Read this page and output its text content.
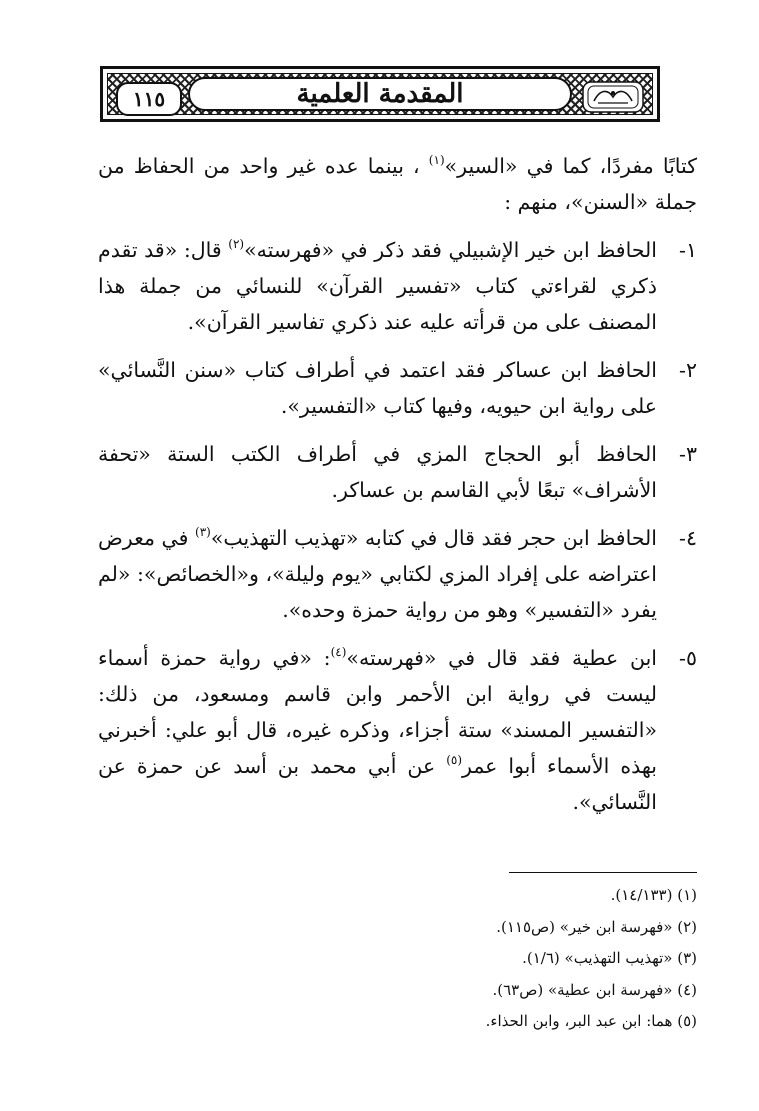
المقدمة العلمية
١١٥

كتابًا مفردًا، كما في «السير»$^{(١)}$ ، بينما عده غير واحد من الحفاظ من جملة «السنن»، منهم :

١-
الحافظ ابن خير الإشبيلي فقد ذكر في «فهرسته»$^{(٢)}$ قال: «قد تقدم ذكري لقراءتي كتاب «تفسير القرآن» للنسائي من جملة هذا المصنف على من قرأته عليه عند ذكري تفاسير القرآن».
٢-
الحافظ ابن عساكر فقد اعتمد في أطراف كتاب «سنن النَّسائي» على رواية ابن حيويه، وفيها كتاب «التفسير».
٣-
الحافظ أبو الحجاج المزي في أطراف الكتب الستة «تحفة الأشراف» تبعًا لأبي القاسم بن عساكر.
٤-
الحافظ ابن حجر فقد قال في كتابه «تهذيب التهذيب»$^{(٣)}$ في معرض اعتراضه على إفراد المزي لكتابي «يوم وليلة»، و«الخصائص»: «لم يفرد «التفسير» وهو من رواية حمزة وحده».
٥-
ابن عطية فقد قال في «فهرسته»$^{(٤)}$: «في رواية حمزة أسماء ليست في رواية ابن الأحمر وابن قاسم ومسعود، من ذلك: «التفسير المسند» ستة أجزاء، وذكره غيره، قال أبو علي: أخبرني بهذه الأسماء أبوا عمر$^{(٥)}$ عن أبي محمد بن أسد عن حمزة عن النَّسائي».

(١) (١٤/١٣٣).

(٢) «فهرسة ابن خير» (ص١١٥).

(٣) «تهذيب التهذيب» (١/٦).

(٤) «فهرسة ابن عطية» (ص٦٣).

(٥) هما: ابن عبد البر، وابن الحذاء.
